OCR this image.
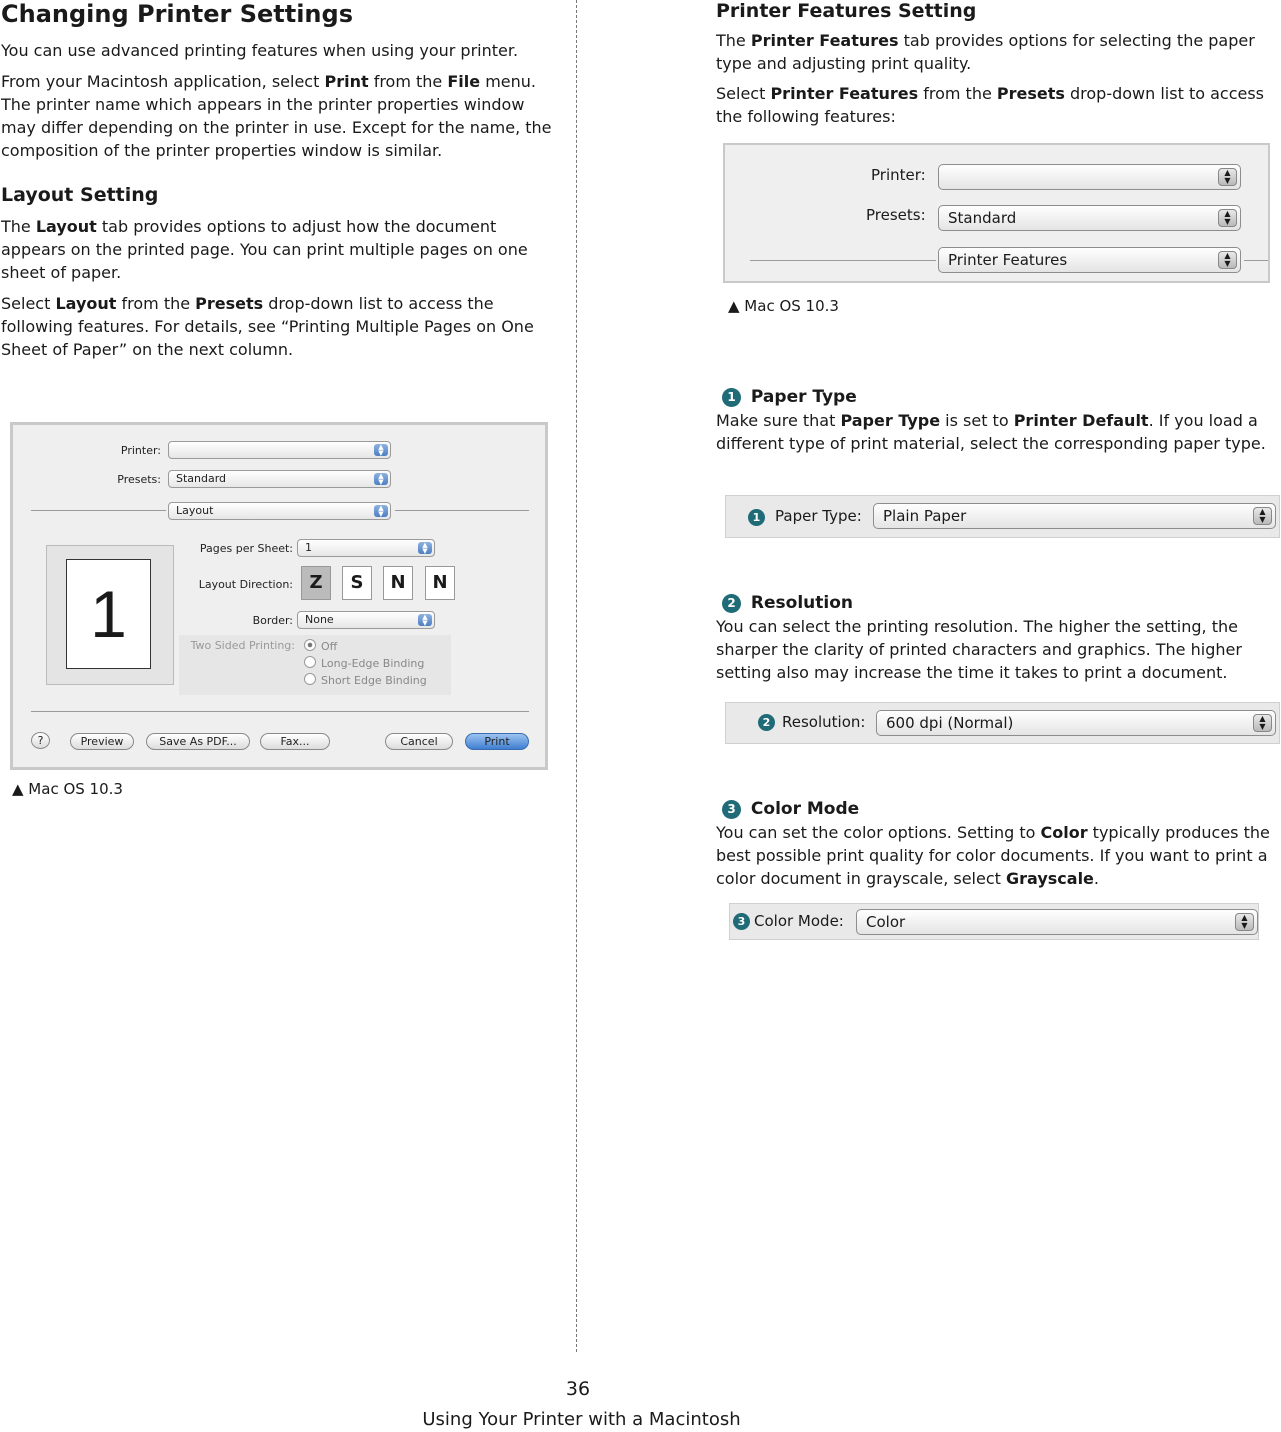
Changing Printer Settings

You can use advanced printing features when using your printer.

From your Macintosh application, select Print from the File menu. The printer name which appears in the printer properties window may differ depending on the printer in use. Except for the name, the composition of the printer properties window is similar.

Layout Setting

The Layout tab provides options to adjust how the document appears on the printed page. You can print multiple pages on one sheet of paper.

Select Layout from the Presets drop-down list to access the following features. For details, see “Printing Multiple Pages on One Sheet of Paper” on the next column.

Printer:	▲
▼
Presets:	Standard	▲
▼
Layout	▲
▼
1
Pages per Sheet:	1	▲
▼
Layout Direction: Z	S	N	N
Border:	None	▲
▼
Two Sided Printing:	Off
Long-Edge Binding
Short Edge Binding
?	Preview	Save As PDF...	Fax...	Cancel	Print
▲ Mac OS 10.3
Printer Features Setting

The Printer Features tab provides options for selecting the paper type and adjusting print quality.

Select Printer Features from the Presets drop-down list to access the following features:

Printer:	▲
▼
Presets:	Standard	▲
▼
Printer Features	▲
▼
▲ Mac OS 10.3
1 Paper Type

Make sure that Paper Type is set to Printer Default. If you load a different type of print material, select the corresponding paper type.

1 Paper Type:	Plain Paper	▲
▼
2 Resolution

You can select the printing resolution. The higher the setting, the sharper the clarity of printed characters and graphics. The higher setting also may increase the time it takes to print a document.

2 Resolution:	600 dpi (Normal)	▲
▼
3 Color Mode

You can set the color options. Setting to Color typically produces the best possible print quality for color documents. If you want to print a color document in grayscale, select Grayscale.

3 Color Mode:	Color	▲
▼
36
Using Your Printer with a Macintosh
